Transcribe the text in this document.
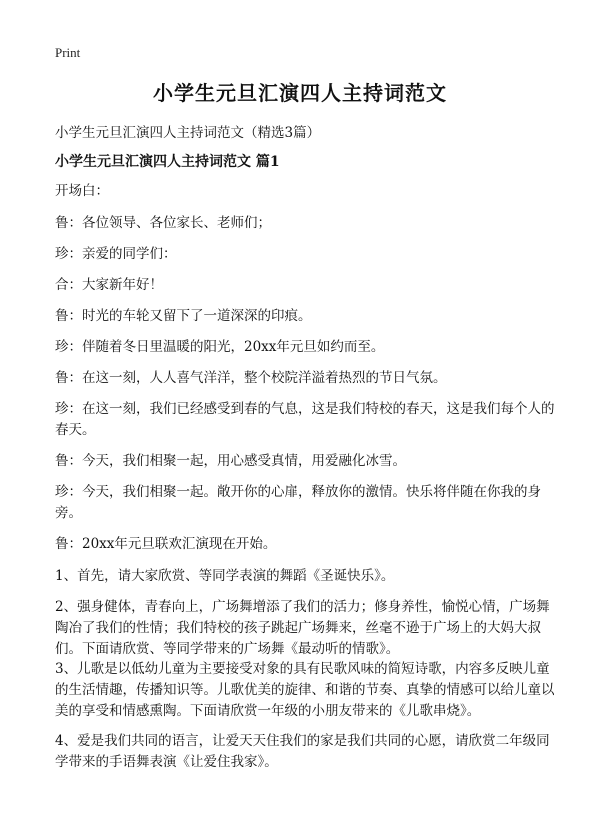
Print
小学生元旦汇演四人主持词范文
小学生元旦汇演四人主持词范文（精选3篇）
小学生元旦汇演四人主持词范文 篇1

开场白：

鲁：各位领导、各位家长、老师们；

珍：亲爱的同学们：

合：大家新年好！

鲁：时光的车轮又留下了一道深深的印痕。

珍：伴随着冬日里温暖的阳光，20xx年元旦如约而至。

鲁：在这一刻，人人喜气洋洋，整个校院洋溢着热烈的节日气氛。

珍：在这一刻，我们已经感受到春的气息，这是我们特校的春天，这是我们每个人的春天。

鲁：今天，我们相聚一起，用心感受真情，用爱融化冰雪。

珍：今天，我们相聚一起。敞开你的心扉，释放你的激情。快乐将伴随在你我的身旁。

鲁：20xx年元旦联欢汇演现在开始。

1、首先，请大家欣赏、等同学表演的舞蹈《圣诞快乐》。

2、强身健体，青春向上，广场舞增添了我们的活力；修身养性，愉悦心情，广场舞陶冶了我们的性情；我们特校的孩子跳起广场舞来，丝毫不逊于广场上的大妈大叔们。下面请欣赏、等同学带来的广场舞《最动听的情歌》。

3、儿歌是以低幼儿童为主要接受对象的具有民歌风味的简短诗歌，内容多反映儿童的生活情趣，传播知识等。儿歌优美的旋律、和谐的节奏、真挚的情感可以给儿童以美的享受和情感熏陶。下面请欣赏一年级的小朋友带来的《儿歌串烧》。

4、爱是我们共同的语言，让爱天天住我们的家是我们共同的心愿，请欣赏二年级同学带来的手语舞表演《让爱住我家》。
